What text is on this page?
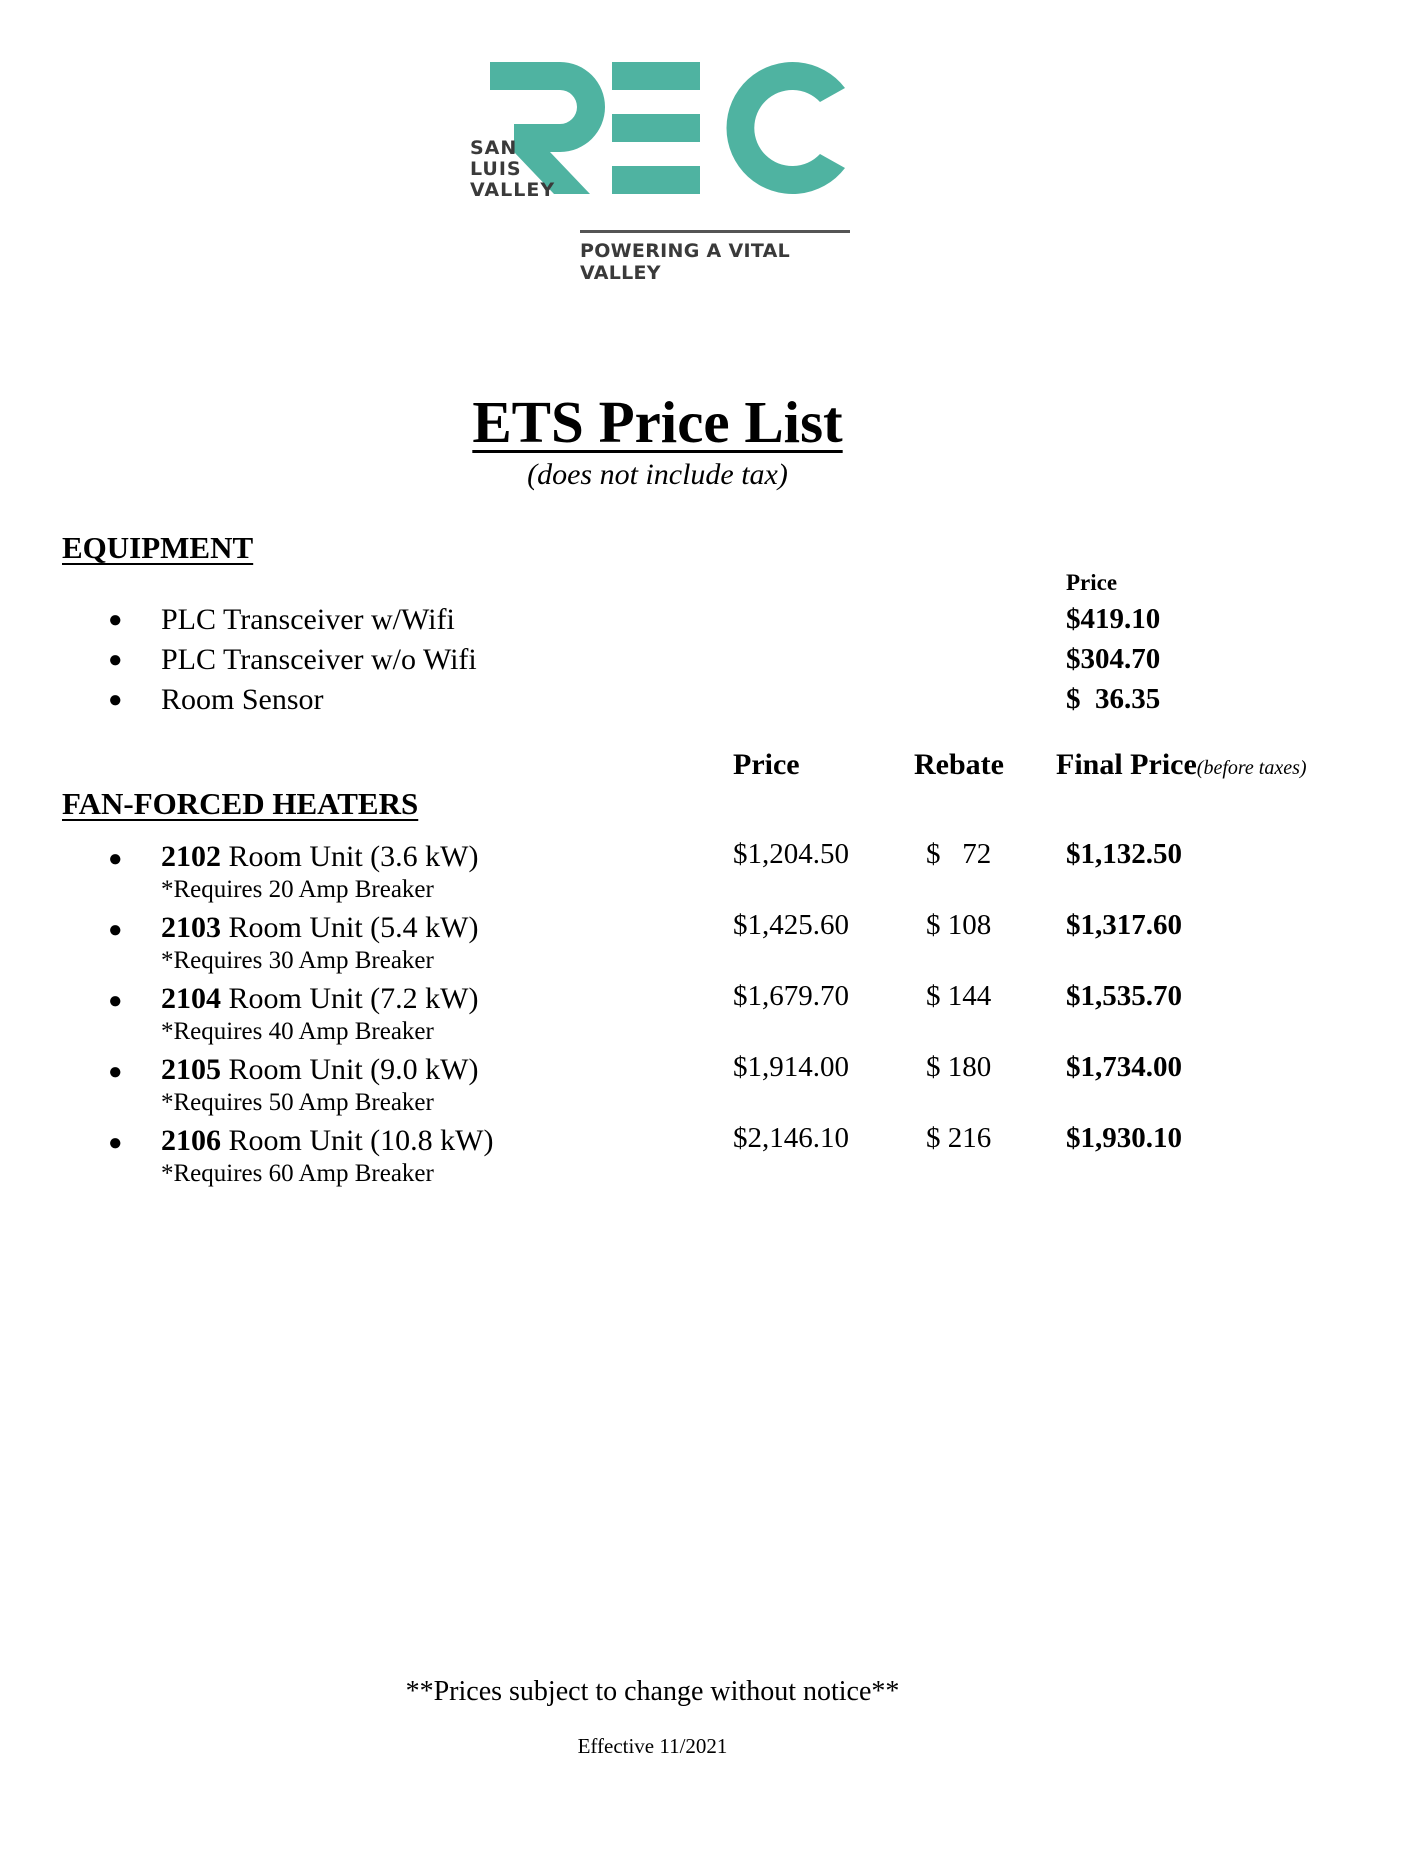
SAN
LUIS
VALLEY
POWERING A VITAL VALLEY
ETS Price List
(does not include tax)
EQUIPMENT
Price
● PLC Transceiver w/Wifi	$419.10
● PLC Transceiver w/o Wifi	$304.70
● Room Sensor	$  36.35
Price	Rebate Final Price(before taxes)
FAN-FORCED HEATERS
● 2102 Room Unit (3.6 kW)
*Requires 20 Amp Breaker
$1,204.50	$   72	$1,132.50
● 2103 Room Unit (5.4 kW)
*Requires 30 Amp Breaker
$1,425.60	$ 108	$1,317.60
● 2104 Room Unit (7.2 kW)
*Requires 40 Amp Breaker
$1,679.70	$ 144	$1,535.70
● 2105 Room Unit (9.0 kW)
*Requires 50 Amp Breaker
$1,914.00	$ 180	$1,734.00
● 2106 Room Unit (10.8 kW)
*Requires 60 Amp Breaker
$2,146.10	$ 216	$1,930.10
**Prices subject to change without notice**
Effective 11/2021
